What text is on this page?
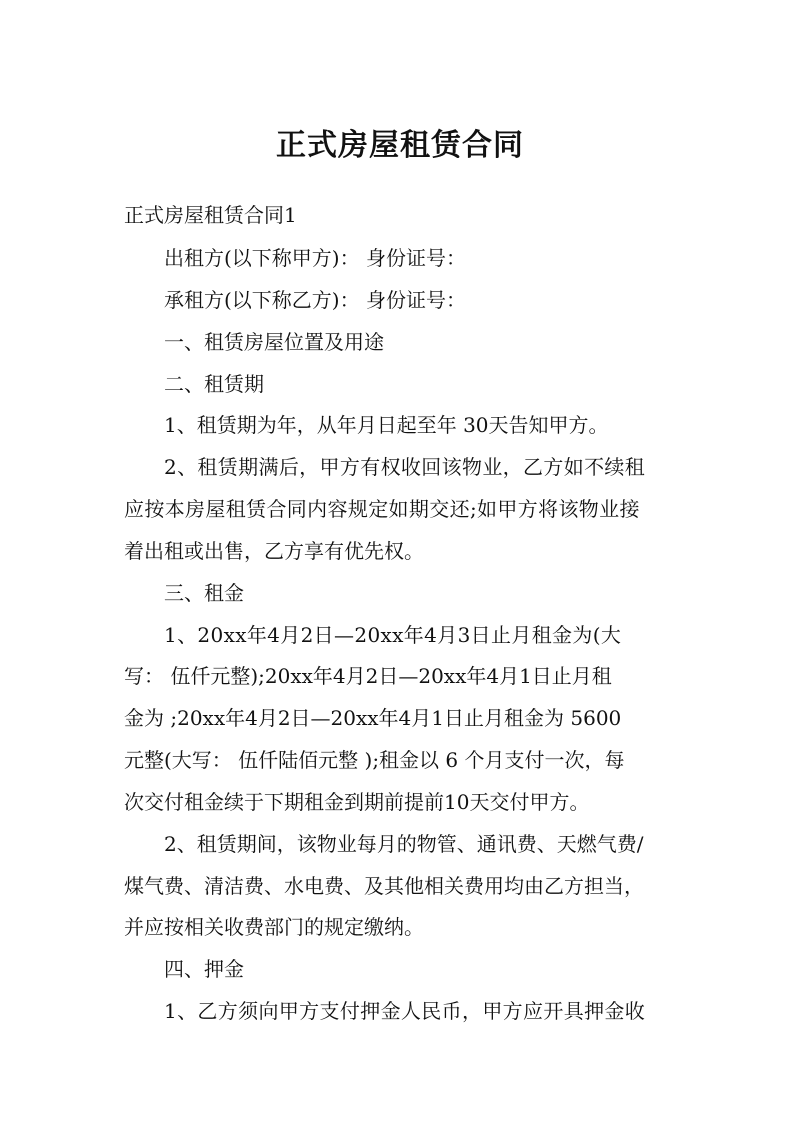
正式房屋租赁合同

正式房屋租赁合同1

出租方(以下称甲方)： 身份证号：

承租方(以下称乙方)： 身份证号：

一、租赁房屋位置及用途

二、租赁期

1、租赁期为年，从年月日起至年 30天告知甲方。

2、租赁期满后，甲方有权收回该物业，乙方如不续租

应按本房屋租赁合同内容规定如期交还;如甲方将该物业接

着出租或出售，乙方享有优先权。

三、租金

1、20xx年4月2日—20xx年4月3日止月租金为(大

写： 伍仟元整);20xx年4月2日—20xx年4月1日止月租

金为 ;20xx年4月2日—20xx年4月1日止月租金为 5600

元整(大写： 伍仟陆佰元整 );租金以 6 个月支付一次，每

次交付租金续于下期租金到期前提前10天交付甲方。

2、租赁期间，该物业每月的物管、通讯费、天燃气费/

煤气费、清洁费、水电费、及其他相关费用均由乙方担当，

并应按相关收费部门的规定缴纳。

四、押金

1、乙方须向甲方支付押金人民币，甲方应开具押金收
